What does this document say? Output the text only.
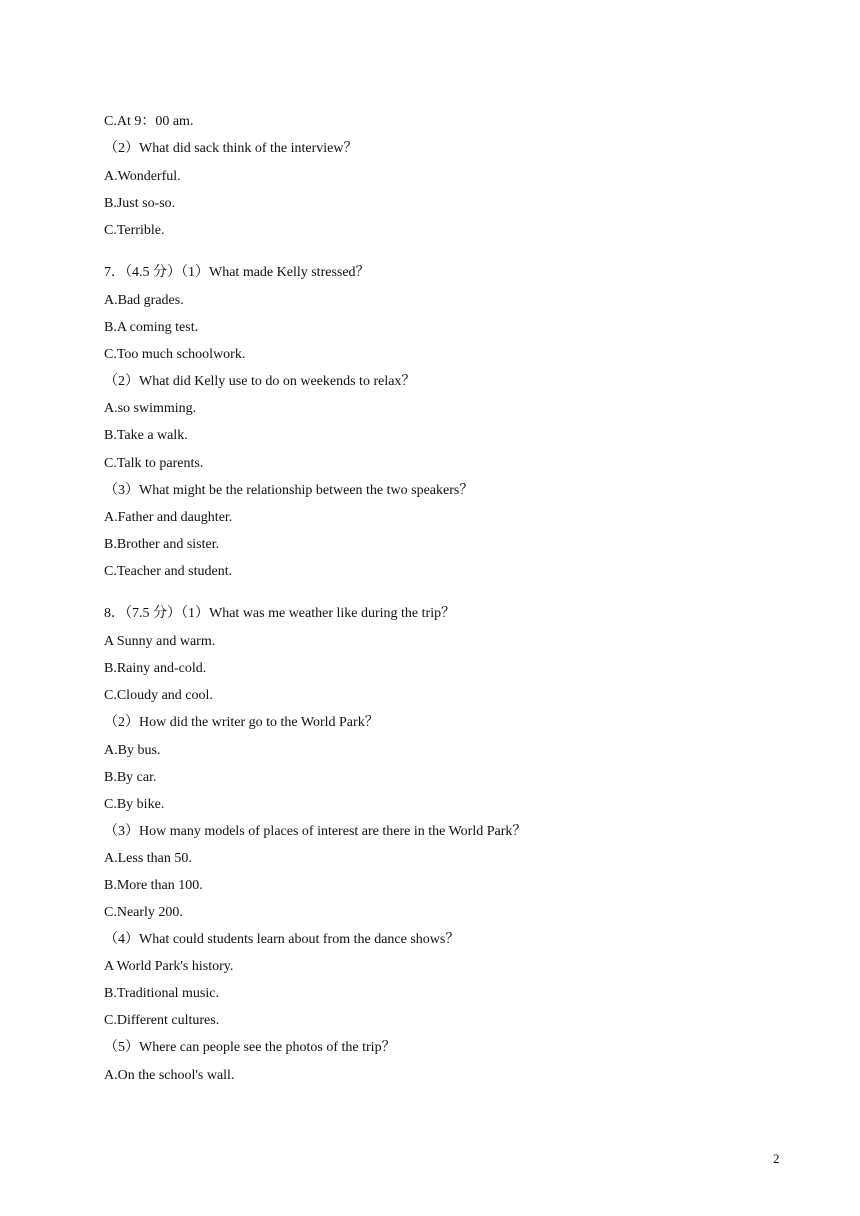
C.At 9：00 am.
（2）What did sack think of the interview？
A.Wonderful.
B.Just so-so.
C.Terrible.
7．（4.5 分）（1）What made Kelly stressed？
A.Bad grades.
B.A coming test.
C.Too much schoolwork.
（2）What did Kelly use to do on weekends to relax？
A.so swimming.
B.Take a walk.
C.Talk to parents.
（3）What might be the relationship between the two speakers？
A.Father and daughter.
B.Brother and sister.
C.Teacher and student.
8．（7.5 分）（1）What was me weather like during the trip？
A Sunny and warm.
B.Rainy and-cold.
C.Cloudy and cool.
（2）How did the writer go to the World Park？
A.By bus.
B.By car.
C.By bike.
（3）How many models of places of interest are there in the World Park？
A.Less than 50.
B.More than 100.
C.Nearly 200.
（4）What could students learn about from the dance shows？
A World Park's history.
B.Traditional music.
C.Different cultures.
（5）Where can people see the photos of the trip？
A.On the school's wall.
2
